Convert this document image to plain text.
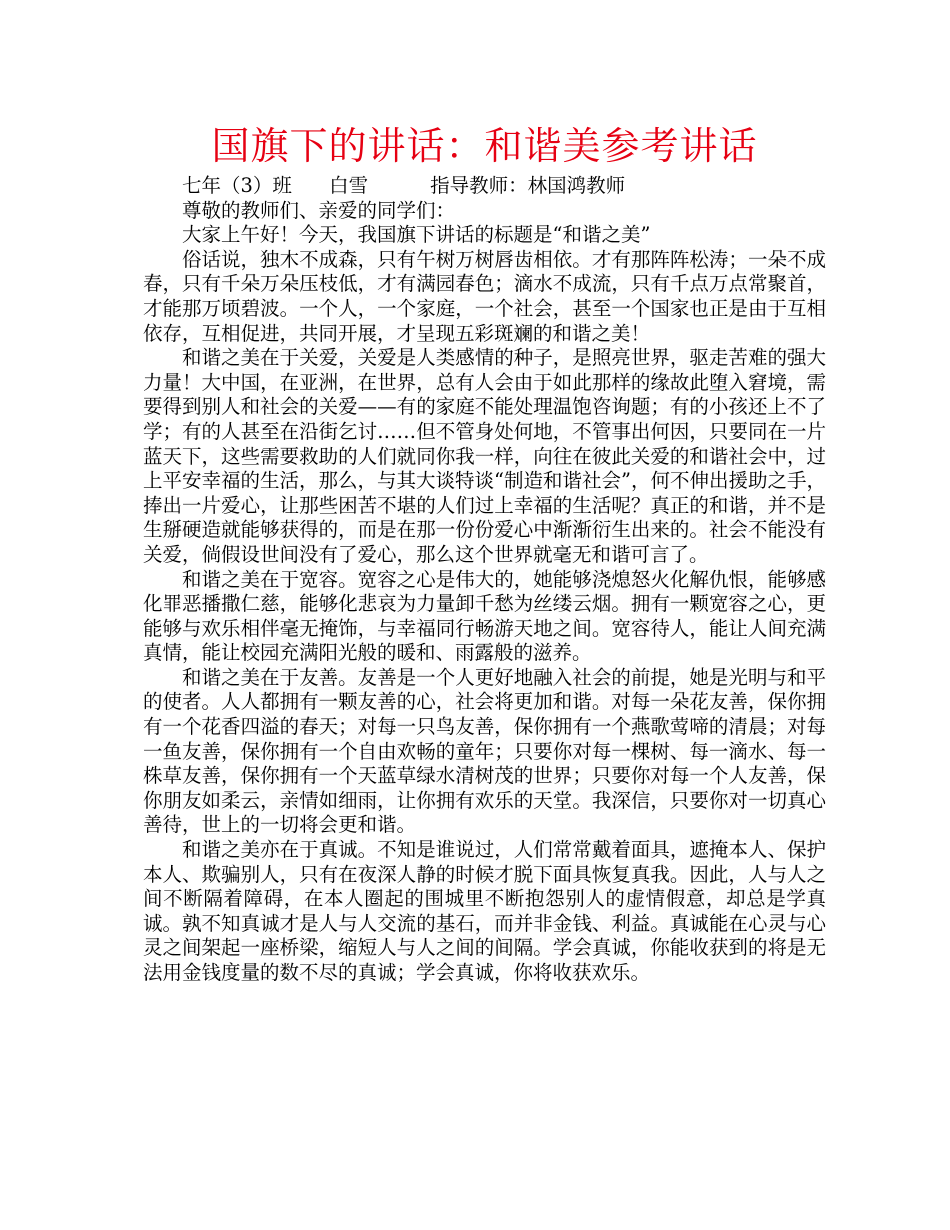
国旗下的讲话：和谐美参考讲话

七年（3）班      白雪          指导教师：林国鸿教师

尊敬的教师们、亲爱的同学们：

大家上午好！今天，我国旗下讲话的标题是“和谐之美”

俗话说，独木不成森，只有午树万树唇齿相依。才有那阵阵松涛；一朵不成春，只有千朵万朵压枝低，才有满园春色；滴水不成流，只有千点万点常聚首，才能那万顷碧波。一个人，一个家庭，一个社会，甚至一个国家也正是由于互相依存，互相促进，共同开展，才呈现五彩斑斓的和谐之美！

和谐之美在于关爱，关爱是人类感情的种子，是照亮世界，驱走苦难的强大力量！大中国，在亚洲，在世界，总有人会由于如此那样的缘故此堕入窘境，需要得到别人和社会的关爱——有的家庭不能处理温饱咨询题；有的小孩还上不了学；有的人甚至在沿街乞讨……但不管身处何地，不管事出何因，只要同在一片蓝天下，这些需要救助的人们就同你我一样，向往在彼此关爱的和谐社会中，过上平安幸福的生活，那么，与其大谈特谈“制造和谐社会”，何不伸出援助之手，捧出一片爱心，让那些困苦不堪的人们过上幸福的生活呢？真正的和谐，并不是生掰硬造就能够获得的，而是在那一份份爱心中渐渐衍生出来的。社会不能没有关爱，倘假设世间没有了爱心，那么这个世界就毫无和谐可言了。

和谐之美在于宽容。宽容之心是伟大的，她能够浇熄怒火化解仇恨，能够感化罪恶播撒仁慈，能够化悲哀为力量卸千愁为丝缕云烟。拥有一颗宽容之心，更能够与欢乐相伴毫无掩饰，与幸福同行畅游天地之间。宽容待人，能让人间充满真情，能让校园充满阳光般的暖和、雨露般的滋养。

和谐之美在于友善。友善是一个人更好地融入社会的前提，她是光明与和平的使者。人人都拥有一颗友善的心，社会将更加和谐。对每一朵花友善，保你拥有一个花香四溢的春天；对每一只鸟友善，保你拥有一个燕歌莺啼的清晨；对每一鱼友善，保你拥有一个自由欢畅的童年；只要你对每一棵树、每一滴水、每一株草友善，保你拥有一个天蓝草绿水清树茂的世界；只要你对每一个人友善，保你朋友如柔云，亲情如细雨，让你拥有欢乐的天堂。我深信，只要你对一切真心善待，世上的一切将会更和谐。

和谐之美亦在于真诚。不知是谁说过，人们常常戴着面具，遮掩本人、保护本人、欺骗别人，只有在夜深人静的时候才脱下面具恢复真我。因此，人与人之间不断隔着障碍，在本人圈起的围城里不断抱怨别人的虚情假意，却总是学真诚。孰不知真诚才是人与人交流的基石，而并非金钱、利益。真诚能在心灵与心灵之间架起一座桥梁，缩短人与人之间的间隔。学会真诚，你能收获到的将是无法用金钱度量的数不尽的真诚；学会真诚，你将收获欢乐。
